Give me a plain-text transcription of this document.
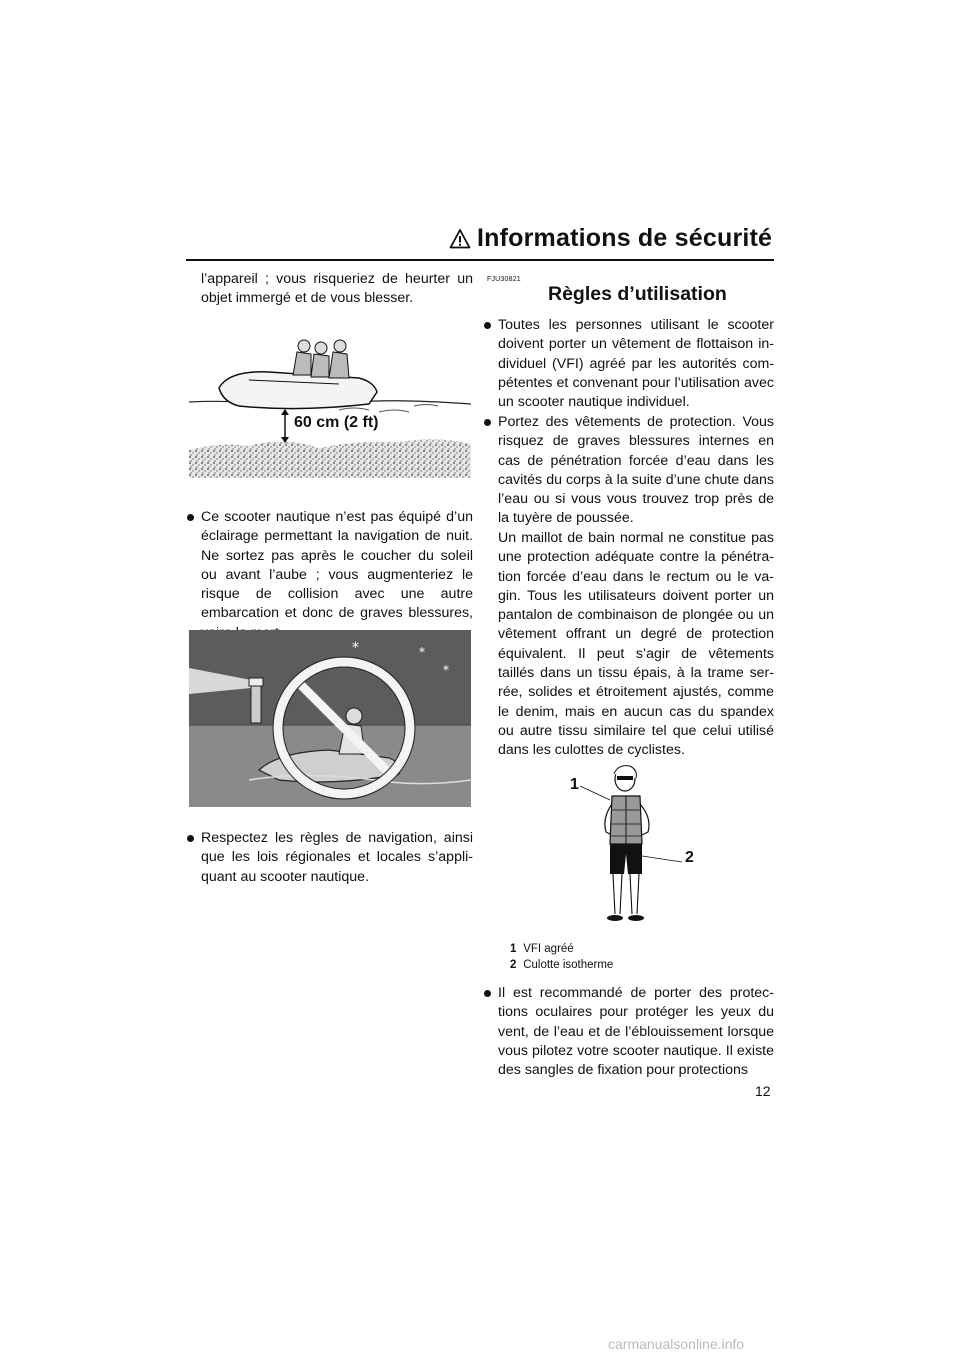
Informations de sécurité
l’appareil ; vous risqueriez de heurter un objet immergé et de vous blesser.
60 cm (2 ft)
Ce scooter nautique n’est pas équipé d’un éclairage permettant la navigation de nuit. Ne sortez pas après le coucher du soleil ou avant l’aube ; vous augmenteriez le risque de collision avec une autre embarcation et donc de graves blessures,
*	*
*
Respectez les règles de navigation, ainsi que les lois régionales et locales s’appli-quant au scooter nautique.
FJU30821
Règles d’utilisation
Toutes les personnes utilisant le scooter doivent porter un vêtement de flottaison in-dividuel (VFI) agréé par les autorités com-pétentes et convenant pour l’utilisation avec un scooter nautique individuel.
Portez des vêtements de protection. Vous risquez de graves blessures internes en cas de pénétration forcée d’eau dans les cavités du corps à la suite d’une chute dans l’eau ou si vous vous trouvez trop près de la tuyère de poussée.
Un maillot de bain normal ne constitue pas une protection adéquate contre la pénétra-tion forcée d’eau dans le rectum ou le va-gin. Tous les utilisateurs doivent porter un pantalon de combinaison de plongée ou un vêtement offrant un degré de protection équivalent. Il peut s’agir de vêtements taillés dans un tissu épais, à la trame ser-rée, solides et étroitement ajustés, comme le denim, mais en aucun cas du spandex ou autre tissu similaire tel que celui utilisé dans les culottes de cyclistes.
1
2
1 VFI agréé
2 Culotte isotherme
Il est recommandé de porter des protec-tions oculaires pour protéger les yeux du vent, de l’eau et de l’éblouissement lorsque vous pilotez votre scooter nautique. Il existe des sangles de fixation pour protections
12
carmanualsonline.info
